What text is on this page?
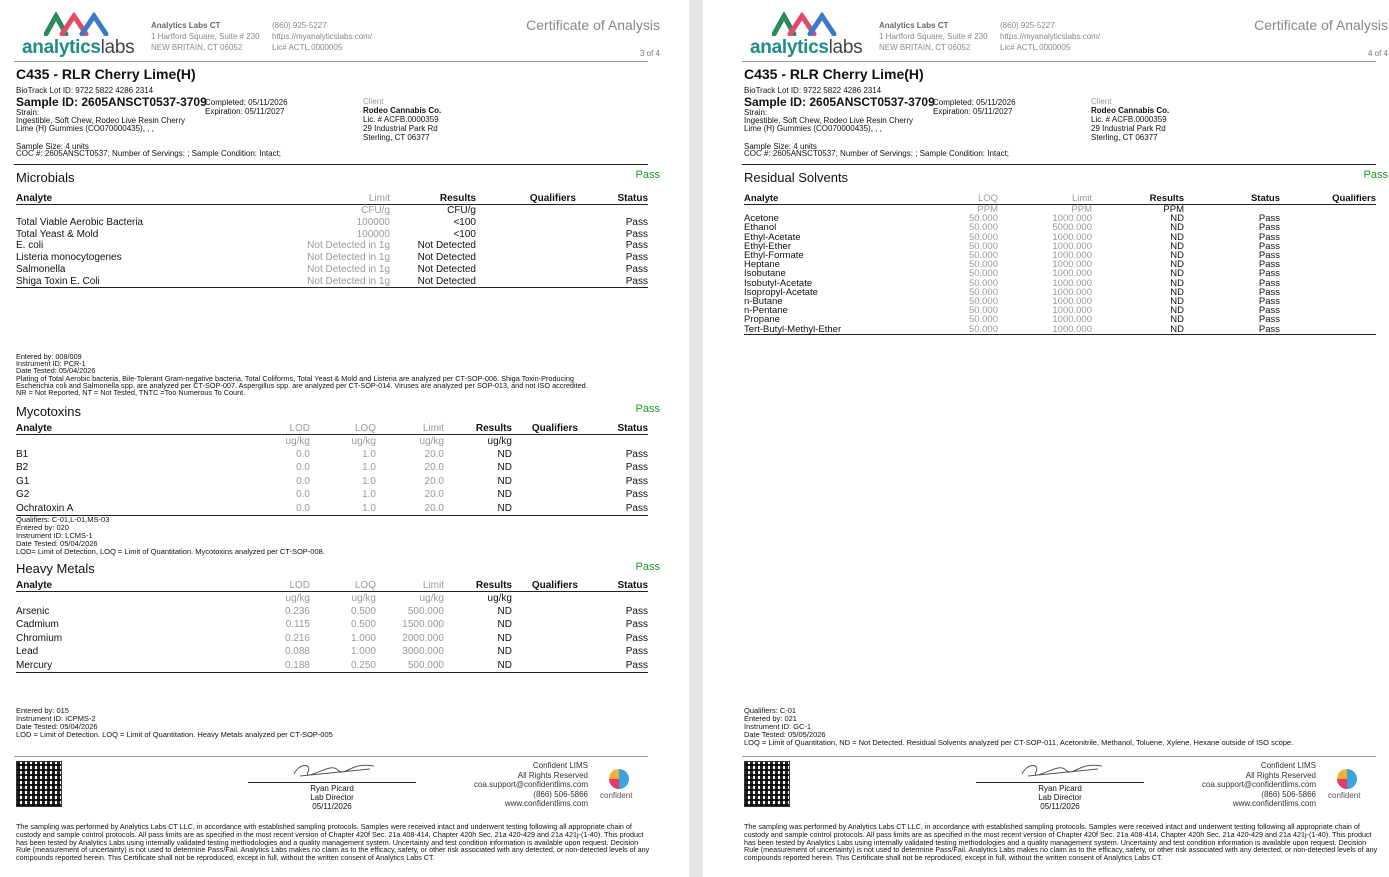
analyticslabs
Analytics Labs CT
1 Hartford Square, Suite # 230
NEW BRITAIN, CT 06052
(860) 925-5227
https://myanalyticslabs.com/
Lic# ACTL.0000005
Certificate of Analysis
3 of 4
C435 - RLR Cherry Lime(H)
BioTrack Lot ID: 9722 5822 4286 2314
Sample ID: 2605ANSCT0537-3709
Strain:
Ingestible, Soft Chew, Rodeo Live Resin Cherry
Lime (H) Gummies (CO070000435), , ,
Completed: 05/11/2026
Expiration: 05/11/2027
Client
Rodeo Cannabis Co.
Lic. # ACFB.0000359
29 Industrial Park Rd
Sterling, CT 06377
Sample Size: 4 units
COC #: 2605ANSCT0537; Number of Servings: ; Sample Condition: Intact;
Microbials	Pass
Analyte	Limit	Results	Qualifiers	Status
	CFU/g	CFU/g		
Total Viable Aerobic Bacteria	100000	<100		Pass
Total Yeast & Mold	100000	<100		Pass
E. coli	Not Detected in 1g	Not Detected		Pass
Listeria monocytogenes	Not Detected in 1g	Not Detected		Pass
Salmonella	Not Detected in 1g	Not Detected		Pass
Shiga Toxin E. Coli	Not Detected in 1g	Not Detected		Pass
Entered by: 008/009
Instrument ID: PCR-1
Date Tested: 05/04/2026
Plating of Total Aerobic bacteria, Bile-Tolerant Gram-negative bacteria, Total Coliforms, Total Yeast & Mold and Listeria are analyzed per CT-SOP-006. Shiga Toxin-Producing
Escherichia coli and Salmonella spp. are analyzed per CT-SOP-007. Aspergillus spp. are analyzed per CT-SOP-014. Viruses are analyzed per SOP-013, and not ISO accredited.
NR = Not Reported, NT = Not Tested, TNTC =Too Numerous To Count.
Mycotoxins	Pass
Analyte	LOD	LOQ	Limit	Results	Qualifiers	Status
	ug/kg	ug/kg	ug/kg	ug/kg		
B1	0.0	1.0	20.0	ND		Pass
B2	0.0	1.0	20.0	ND		Pass
G1	0.0	1.0	20.0	ND		Pass
G2	0.0	1.0	20.0	ND		Pass
Ochratoxin A	0.0	1.0	20.0	ND		Pass
Qualifiers: C-01,L-01,MS-03
Entered by: 020
Instrument ID: LCMS-1
Date Tested: 05/04/2026
LOD= Limit of Detection, LOQ = Limit of Quantitation. Mycotoxins analyzed per CT-SOP-008.
Heavy Metals	Pass
Analyte	LOD	LOQ	Limit	Results	Qualifiers	Status
	ug/kg	ug/kg	ug/kg	ug/kg		
Arsenic	0.236	0.500	500.000	ND		Pass
Cadmium	0.115	0.500	1500.000	ND		Pass
Chromium	0.216	1.000	2000.000	ND		Pass
Lead	0.088	1.000	3000.000	ND		Pass
Mercury	0.188	0.250	500.000	ND		Pass
Entered by: 015
Instrument ID: ICPMS-2
Date Tested: 05/04/2026
LOD = Limit of Detection. LOQ = Limit of Quantitation. Heavy Metals analyzed per CT-SOP-005
Ryan Picard
Lab Director
05/11/2026
Confident LIMS
All Rights Reserved
coa.support@confidentlims.com
(866) 506-5866
www.confidentlims.com
confident
The sampling was performed by Analytics Labs CT LLC, in accordance with established sampling protocols. Samples were received intact and underwent testing following all appropriate chain of custody and sample control protocols. All pass limits are as specified in the most recent version of Chapter 420f Sec. 21a 408-414, Chapter 420h Sec. 21a 420-429 and 21a 421j-(1-40). This product has been tested by Analytics Labs using internally validated testing methodologies and a quality management system. Uncertainty and test condition information is available upon request. Decision Rule (measurement of uncertainty) is not used to determine Pass/Fail. Analytics Labs makes no claim as to the efficacy, safety, or other risk associated with any detected, or non-detected levels of any compounds reported herein. This Certificate shall not be reproduced, except in full, without the written consent of Analytics Labs CT.
analyticslabs
Analytics Labs CT
1 Hartford Square, Suite # 230
NEW BRITAIN, CT 06052
(860) 925-5227
https://myanalyticslabs.com/
Lic# ACTL.0000005
Certificate of Analysis
4 of 4
C435 - RLR Cherry Lime(H)
BioTrack Lot ID: 9722 5822 4286 2314
Sample ID: 2605ANSCT0537-3709
Strain:
Ingestible, Soft Chew, Rodeo Live Resin Cherry
Lime (H) Gummies (CO070000435), , ,
Completed: 05/11/2026
Expiration: 05/11/2027
Client
Rodeo Cannabis Co.
Lic. # ACFB.0000359
29 Industrial Park Rd
Sterling, CT 06377
Sample Size: 4 units
COC #: 2605ANSCT0537; Number of Servings: ; Sample Condition: Intact;
Residual Solvents	Pass
Analyte	LOQ	Limit	Results	Status	Qualifiers
	PPM	PPM	PPM		
Acetone	50.000	1000.000	ND	Pass	
Ethanol	50.000	5000.000	ND	Pass	
Ethyl-Acetate	50.000	1000.000	ND	Pass	
Ethyl-Ether	50.000	1000.000	ND	Pass	
Ethyl-Formate	50.000	1000.000	ND	Pass	
Heptane	50.000	1000.000	ND	Pass	
Isobutane	50.000	1000.000	ND	Pass	
Isobutyl-Acetate	50.000	1000.000	ND	Pass	
Isopropyl-Acetate	50.000	1000.000	ND	Pass	
n-Butane	50.000	1000.000	ND	Pass	
n-Pentane	50.000	1000.000	ND	Pass	
Propane	50.000	1000.000	ND	Pass	
Tert-Butyl-Methyl-Ether	50.000	1000.000	ND	Pass	
Qualifiers: C-01
Entered by: 021
Instrument ID: GC-1
Date Tested: 05/05/2026
LOQ = Limit of Quantitation, ND = Not Detected. Residual Solvents analyzed per CT-SOP-011, Acetonitrile, Methanol, Toluene, Xylene, Hexane outside of ISO scope.
Ryan Picard
Lab Director
05/11/2026
Confident LIMS
All Rights Reserved
coa.support@confidentlims.com
(866) 506-5866
www.confidentlims.com
confident
The sampling was performed by Analytics Labs CT LLC, in accordance with established sampling protocols. Samples were received intact and underwent testing following all appropriate chain of custody and sample control protocols. All pass limits are as specified in the most recent version of Chapter 420f Sec. 21a 408-414, Chapter 420h Sec. 21a 420-429 and 21a 421j-(1-40). This product has been tested by Analytics Labs using internally validated testing methodologies and a quality management system. Uncertainty and test condition information is available upon request. Decision Rule (measurement of uncertainty) is not used to determine Pass/Fail. Analytics Labs makes no claim as to the efficacy, safety, or other risk associated with any detected, or non-detected levels of any compounds reported herein. This Certificate shall not be reproduced, except in full, without the written consent of Analytics Labs CT.
